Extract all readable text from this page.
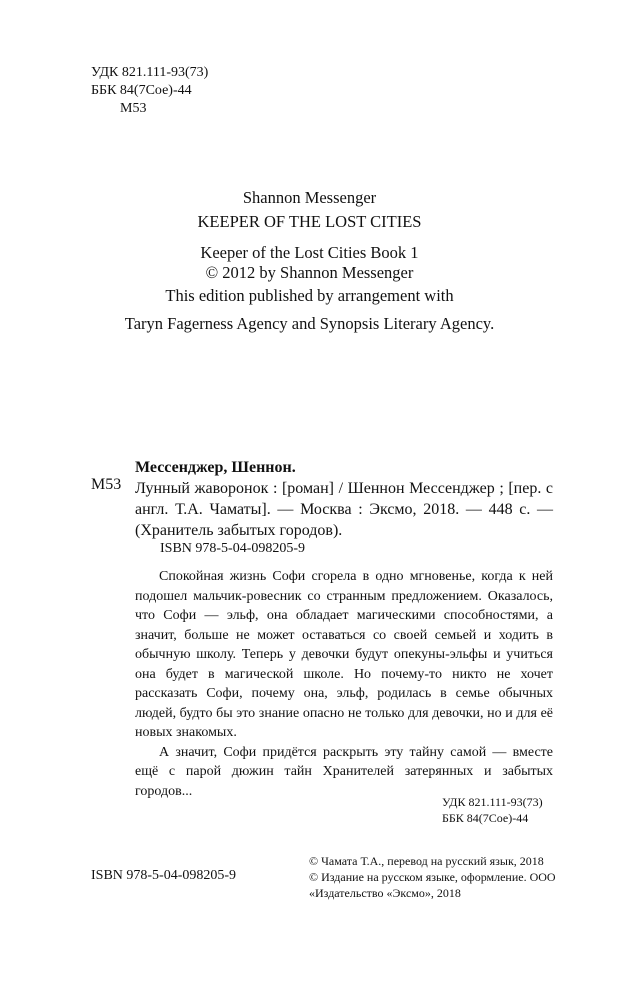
УДК 821.111-93(73)
ББК 84(7Сое)-44
М53
Shannon Messenger
KEEPER OF THE LOST CITIES
Keeper of the Lost Cities Book 1
© 2012 by Shannon Messenger
This edition published by arrangement with
Taryn Fagerness Agency and Synopsis Literary Agency.
Мессенджер, Шеннон.
М53 Лунный жаворонок : [роман] / Шеннон Мессенджер ; [пер. с англ. Т.А. Чаматы]. — Москва : Эксмо, 2018. — 448 с. — (Хранитель забытых городов).
ISBN 978-5-04-098205-9

Спокойная жизнь Софи сгорела в одно мгновенье, когда к ней подошел мальчик-ровесник со странным предложением. Оказалось, что Софи — эльф, она обладает магическими способностями, а значит, больше не может оставаться со своей семьей и ходить в обычную школу. Теперь у девочки будут опекуны-эльфы и учиться она будет в магической школе. Но почему-то никто не хочет рассказать Софи, почему она, эльф, родилась в семье обычных людей, будто бы это знание опасно не только для девочки, но и для её новых знакомых.

А значит, Софи придётся раскрыть эту тайну самой — вместе ещё с парой дюжин тайн Хранителей затерянных и забытых городов...

УДК 821.111-93(73)
ББК 84(7Сое)-44

© Чамата Т.А., перевод на русский язык, 2018

© Издание на русском языке, оформление. ООО «Издательство «Эксмо», 2018

ISBN 978-5-04-098205-9
